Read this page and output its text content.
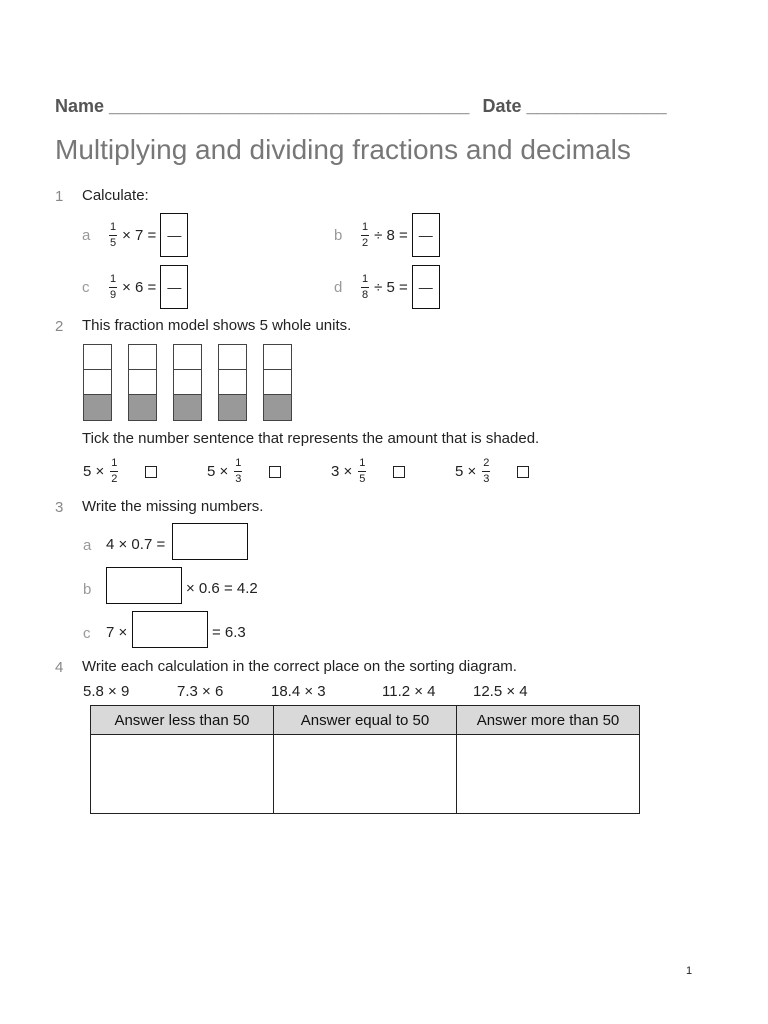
Name ____________________________________ Date ______________
Multiplying and dividing fractions and decimals
1 Calculate:
a	$\frac{1}{5} \times 7$ = —	b	$\frac{1}{2} \div 8$ = —
c	$\frac{1}{9} \times 6$ = —	d	$\frac{1}{8} \div 5$ = —
2 This fraction model shows 5 whole units.
Tick the number sentence that represents the amount that is shaded.
$5 \times \frac{1}{2}$	$5 \times \frac{1}{3}$	$3 \times \frac{1}{5}$	$5 \times \frac{2}{3}$
3 Write the missing numbers.
a 4 × 0.7 =
b	× 0.6 = 4.2
c 7 ×	= 6.3
4 Write each calculation in the correct place on the sorting diagram.
5.8 × 9	7.3 × 6	18.4 × 3	11.2 × 4 12.5 × 4
Answer less than 50	Answer equal to 50	Answer more than 50

1
